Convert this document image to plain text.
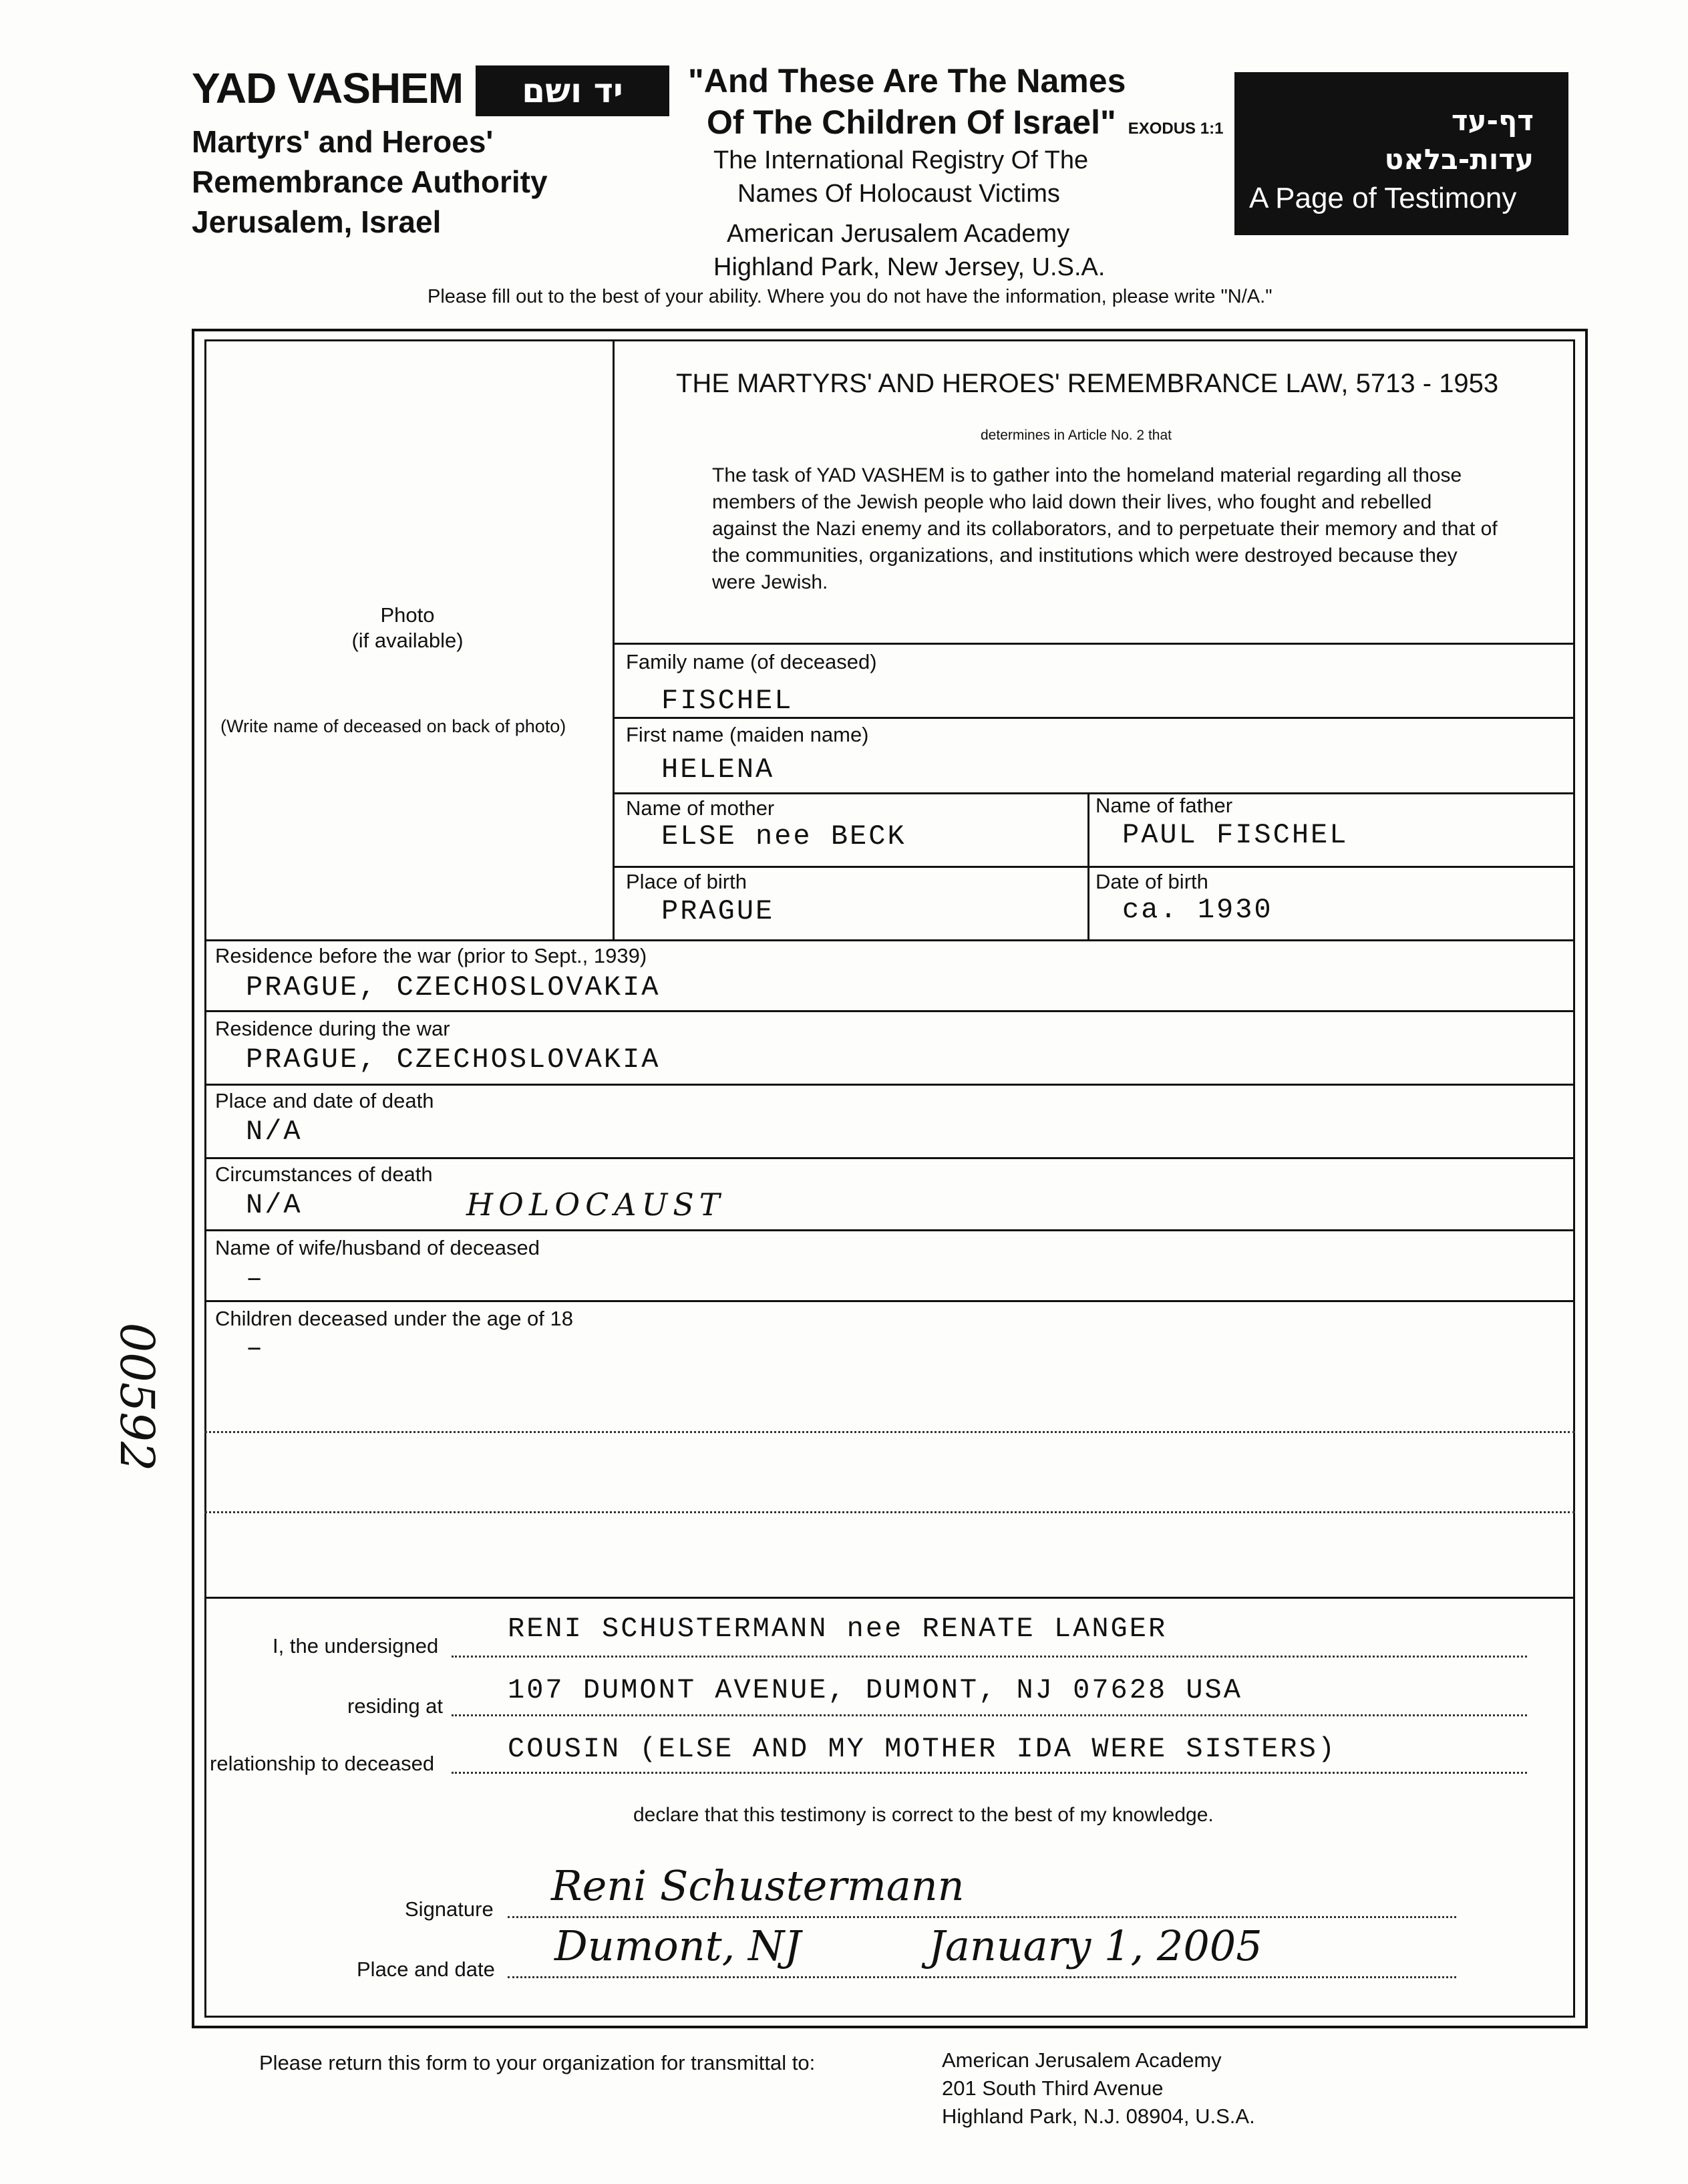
YAD VASHEM	יד ושם
Martyrs' and Heroes'
Remembrance Authority
Jerusalem, Israel
"And These Are The Names
Of The Children Of Israel" EXODUS 1:1
The International Registry Of The
Names Of Holocaust Victims
American Jerusalem Academy
Highland Park, New Jersey, U.S.A.
דף-עד
עדות-בלאט
A Page of Testimony
Please fill out to the best of your ability. Where you do not have the information, please write "N/A."
THE MARTYRS' AND HEROES' REMEMBRANCE LAW, 5713 - 1953
determines in Article No. 2 that
The task of YAD VASHEM is to gather into the homeland material regarding all those members of the Jewish people who laid down their lives, who fought and rebelled against the Nazi enemy and its collaborators, and to perpetuate their memory and that of the communities, organizations, and institutions which were destroyed because they were Jewish.
Photo
(if available)
(Write name of deceased on back of photo)
Family name (of deceased)
FISCHEL
First name (maiden name)
HELENA
Name of mother
ELSE nee BECK
Name of father
PAUL FISCHEL
Place of birth
PRAGUE
Date of birth
ca. 1930
Residence before the war (prior to Sept., 1939)
PRAGUE, CZECHOSLOVAKIA
Residence during the war
PRAGUE, CZECHOSLOVAKIA
Place and date of death
N/A
Circumstances of death
N/A	HOLOCAUST
Name of wife/husband of deceased
–
Children deceased under the age of 18
–
I, the undersigned
RENI SCHUSTERMANN nee RENATE LANGER
residing at 107 DUMONT AVENUE, DUMONT, NJ 07628 USA
relationship to deceased	COUSIN (ELSE AND MY MOTHER IDA WERE SISTERS)
declare that this testimony is correct to the best of my knowledge.
Signature Reni Schustermann
Place and date Dumont, NJ	January 1, 2005
Please return this form to your organization for transmittal to:	American Jerusalem Academy
201 South Third Avenue
Highland Park, N.J. 08904, U.S.A.
00592
